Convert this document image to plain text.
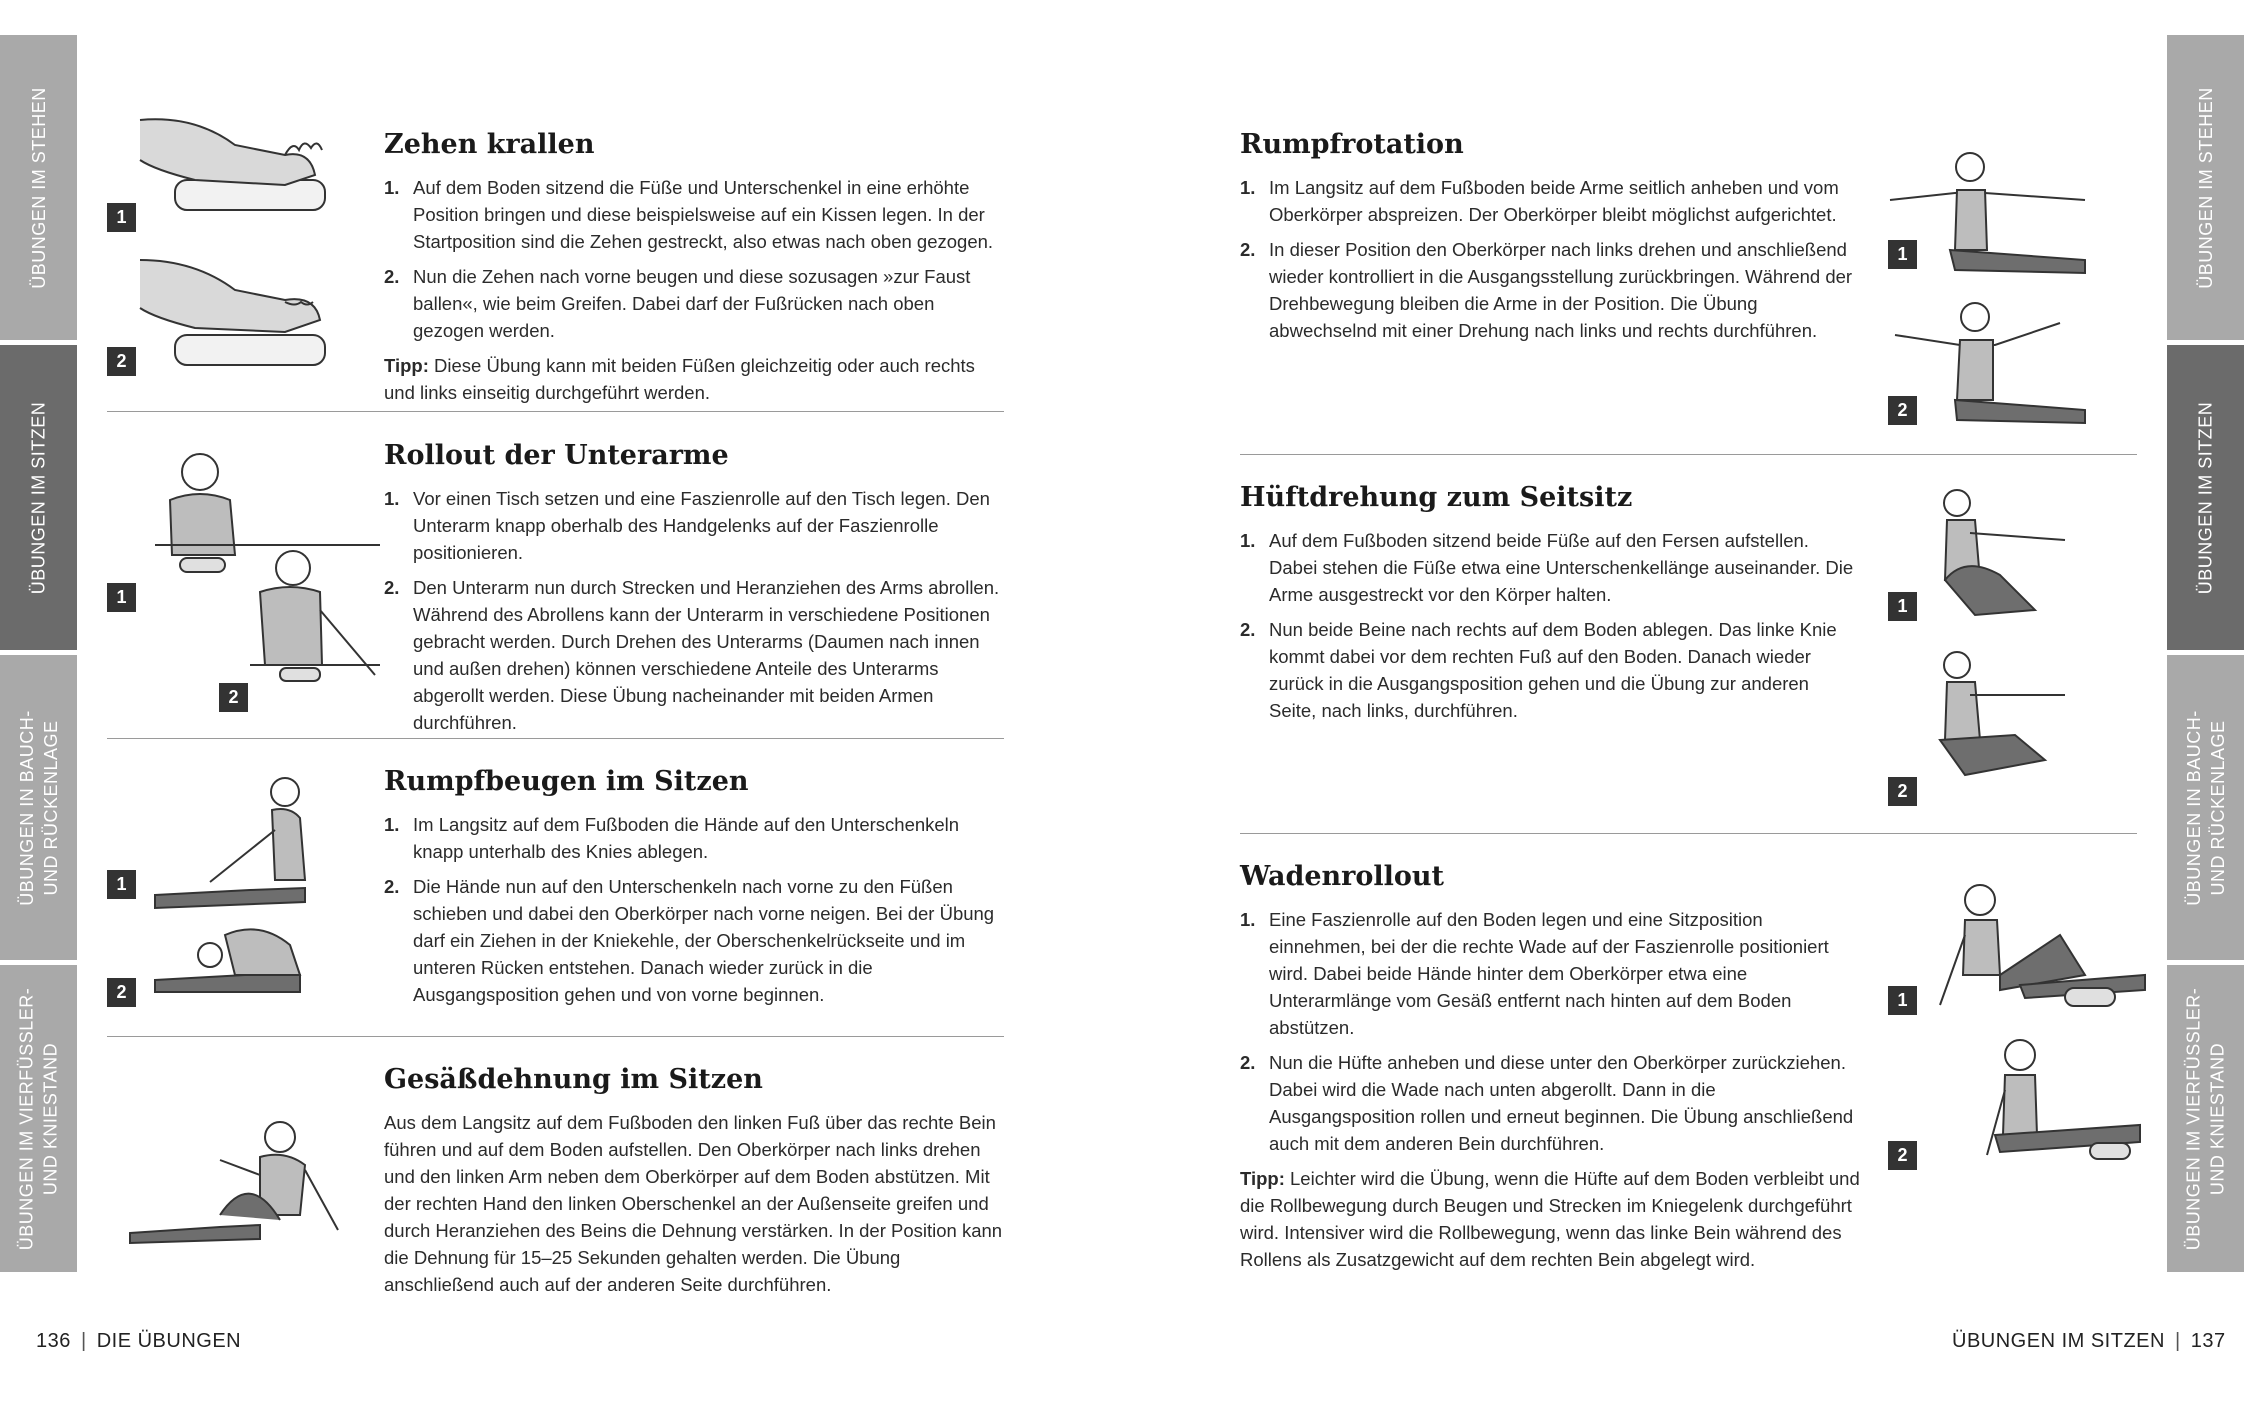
ÜBUNGEN IM STEHEN
ÜBUNGEN IM SITZEN
ÜBUNGEN IN BAUCH-
UND RÜCKENLAGE
ÜBUNGEN IM VIERFÜSSLER-
UND KNIESTAND
ÜBUNGEN IM STEHEN
ÜBUNGEN IM SITZEN
ÜBUNGEN IN BAUCH-
UND RÜCKENLAGE
ÜBUNGEN IM VIERFÜSSLER-
UND KNIESTAND
1
2
Zehen krallen
1. Auf dem Boden sitzend die Füße und Unterschenkel in eine erhöhte Position bringen und diese beispielsweise auf ein Kissen legen. In der Startposition sind die Zehen gestreckt, also etwas nach oben gezogen.
2. Nun die Zehen nach vorne beugen und diese sozusagen »zur Faust ballen«, wie beim Greifen. Dabei darf der Fußrücken nach oben gezogen werden.

Tipp: Diese Übung kann mit beiden Füßen gleichzeitig oder auch rechts und links einseitig durchgeführt werden.

1
2
Rollout der Unterarme
1. Vor einen Tisch setzen und eine Faszienrolle auf den Tisch legen. Den Unterarm knapp oberhalb des Handgelenks auf der Faszienrolle positionieren.
2. Den Unterarm nun durch Strecken und Heranziehen des Arms abrollen. Während des Abrollens kann der Unterarm in verschiedene Positionen gebracht werden. Durch Drehen des Unterarms (Daumen nach innen und außen drehen) können verschiedene Anteile des Unterarms abgerollt werden. Diese Übung nacheinander mit beiden Armen durchführen.
1
2
Rumpfbeugen im Sitzen
1. Im Langsitz auf dem Fußboden die Hände auf den Unterschenkeln knapp unterhalb des Knies ablegen.
2. Die Hände nun auf den Unterschenkeln nach vorne zu den Füßen schieben und dabei den Oberkörper nach vorne neigen. Bei der Übung darf ein Ziehen in der Kniekehle, der Oberschenkelrückseite und im unteren Rücken entstehen. Danach wieder zurück in die Ausgangsposition gehen und von vorne beginnen.
Gesäßdehnung im Sitzen

Aus dem Langsitz auf dem Fußboden den linken Fuß über das rechte Bein führen und auf dem Boden aufstellen. Den Oberkörper nach links drehen und den linken Arm neben dem Oberkörper auf dem Boden abstützen. Mit der rechten Hand den linken Oberschenkel an der Außenseite greifen und durch Heranziehen des Beins die Dehnung verstärken. In der Position kann die Dehnung für 15–25 Sekunden gehalten werden. Die Übung anschließend auch auf der anderen Seite durchführen.

Rumpfrotation
1. Im Langsitz auf dem Fußboden beide Arme seitlich anheben und vom Oberkörper abspreizen. Der Oberkörper bleibt möglichst aufgerichtet.
2. In dieser Position den Oberkörper nach links drehen und anschließend wieder kontrolliert in die Ausgangsstellung zurückbringen. Während der Drehbewegung bleiben die Arme in der Position. Die Übung abwechselnd mit einer Drehung nach links und rechts durchführen.
1
2
Hüftdrehung zum Seitsitz
1. Auf dem Fußboden sitzend beide Füße auf den Fersen aufstellen. Dabei stehen die Füße etwa eine Unterschenkellänge auseinander. Die Arme ausgestreckt vor den Körper halten.
2. Nun beide Beine nach rechts auf dem Boden ablegen. Das linke Knie kommt dabei vor dem rechten Fuß auf den Boden. Danach wieder zurück in die Ausgangsposition gehen und die Übung zur anderen Seite, nach links, durchführen.
1
2
Wadenrollout
1. Eine Faszienrolle auf den Boden legen und eine Sitzposition einnehmen, bei der die rechte Wade auf der Faszienrolle positioniert wird. Dabei beide Hände hinter dem Oberkörper etwa eine Unterarmlänge vom Gesäß entfernt nach hinten auf dem Boden abstützen.
2. Nun die Hüfte anheben und diese unter den Oberkörper zurückziehen. Dabei wird die Wade nach unten abgerollt. Dann in die Ausgangsposition rollen und erneut beginnen. Die Übung anschließend auch mit dem anderen Bein durchführen.

Tipp: Leichter wird die Übung, wenn die Hüfte auf dem Boden verbleibt und die Rollbewegung durch Beugen und Strecken im Kniegelenk durchgeführt wird. Intensiver wird die Rollbewegung, wenn das linke Bein während des Rollens als Zusatzgewicht auf dem rechten Bein abgelegt wird.

1
2
136 | DIE ÜBUNGEN	ÜBUNGEN IM SITZEN | 137
